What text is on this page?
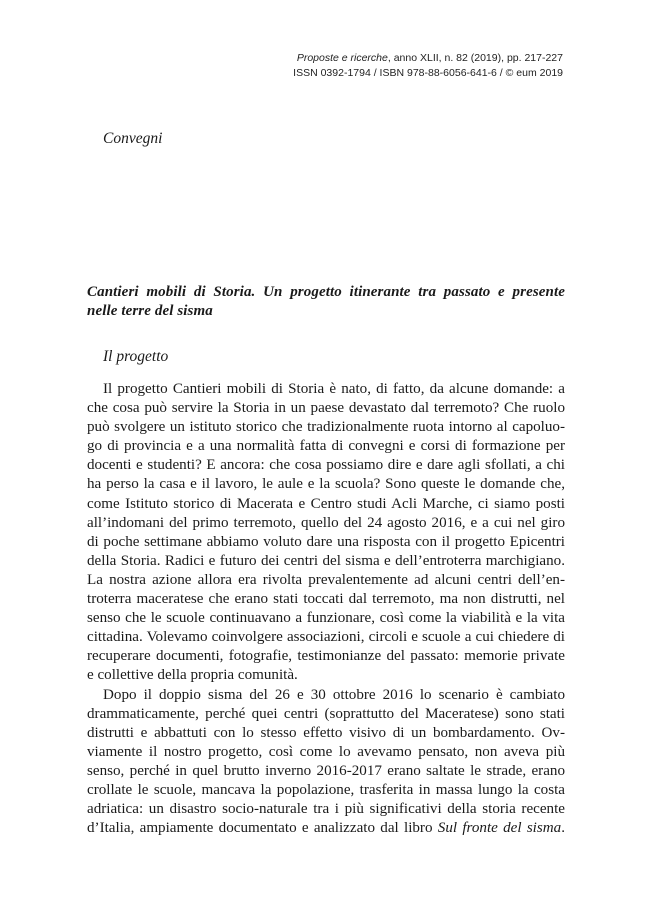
Proposte e ricerche, anno XLII, n. 82 (2019), pp. 217-227
ISSN 0392-1794 / ISBN 978-88-6056-641-6 / © eum 2019
Convegni
Cantieri mobili di Storia. Un progetto itinerante tra passato e presente
nelle terre del sisma
Il progetto
Il progetto Cantieri mobili di Storia è nato, di fatto, da alcune domande: a
che cosa può servire la Storia in un paese devastato dal terremoto? Che ruolo
può svolgere un istituto storico che tradizionalmente ruota intorno al capoluo-
go di provincia e a una normalità fatta di convegni e corsi di formazione per
docenti e studenti? E ancora: che cosa possiamo dire e dare agli sfollati, a chi
ha perso la casa e il lavoro, le aule e la scuola? Sono queste le domande che,
come Istituto storico di Macerata e Centro studi Acli Marche, ci siamo posti
all’indomani del primo terremoto, quello del 24 agosto 2016, e a cui nel giro
di poche settimane abbiamo voluto dare una risposta con il progetto Epicentri
della Storia. Radici e futuro dei centri del sisma e dell’entroterra marchigiano.
La nostra azione allora era rivolta prevalentemente ad alcuni centri dell’en-
troterra maceratese che erano stati toccati dal terremoto, ma non distrutti, nel
senso che le scuole continuavano a funzionare, così come la viabilità e la vita
cittadina. Volevamo coinvolgere associazioni, circoli e scuole a cui chiedere di
recuperare documenti, fotografie, testimonianze del passato: memorie private
e collettive della propria comunità.
Dopo il doppio sisma del 26 e 30 ottobre 2016 lo scenario è cambiato
drammaticamente, perché quei centri (soprattutto del Maceratese) sono stati
distrutti e abbattuti con lo stesso effetto visivo di un bombardamento. Ov-
viamente il nostro progetto, così come lo avevamo pensato, non aveva più
senso, perché in quel brutto inverno 2016-2017 erano saltate le strade, erano
crollate le scuole, mancava la popolazione, trasferita in massa lungo la costa
adriatica: un disastro socio-naturale tra i più significativi della storia recente
d’Italia, ampiamente documentato e analizzato dal libro Sul fronte del sisma.
